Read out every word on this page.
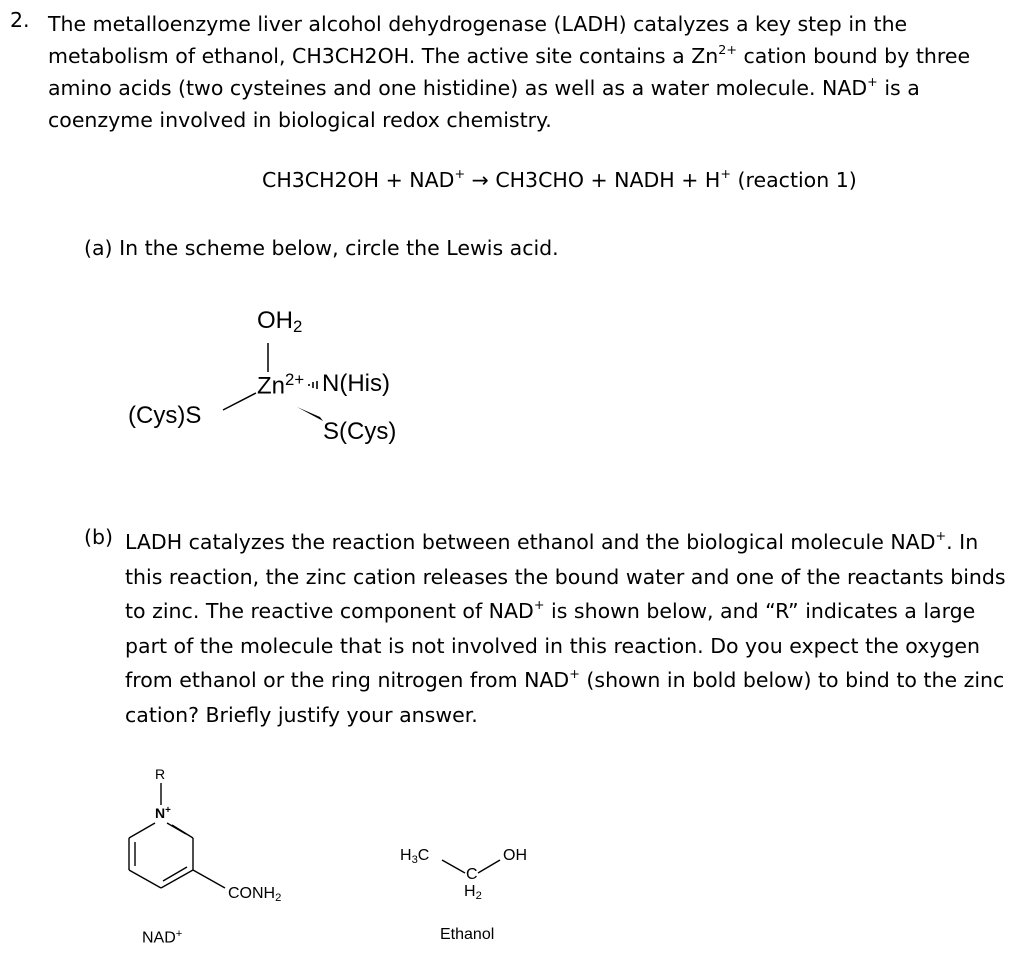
2. The metalloenzyme liver alcohol dehydrogenase (LADH) catalyzes a key step in the metabolism of ethanol, CH3CH2OH. The active site contains a $Zn^{2+}$ cation bound by three amino acids (two cysteines and one histidine) as well as a water molecule. NAD+ is a coenzyme involved in biological redox chemistry.
CH3CH2OH + NAD+ → CH3CHO + NADH + H+ (reaction 1)
(a) In the scheme below, circle the Lewis acid.
$OH_2$
$Zn^{2+}$ N(His)
(Cys)S
S(Cys)
(b) LADH catalyzes the reaction between ethanol and the biological molecule NAD+. In this reaction, the zinc cation releases the bound water and one of the reactants binds to zinc. The reactive component of NAD+ is shown below, and “R” indicates a large part of the molecule that is not involved in this reaction. Do you expect the oxygen from ethanol or the ring nitrogen from NAD+ (shown in bold below) to bind to the zinc cation? Briefly justify your answer.
R
N+
$CONH_2$
NAD+
$H_3C$	OH
C
$H_2$
Ethanol
